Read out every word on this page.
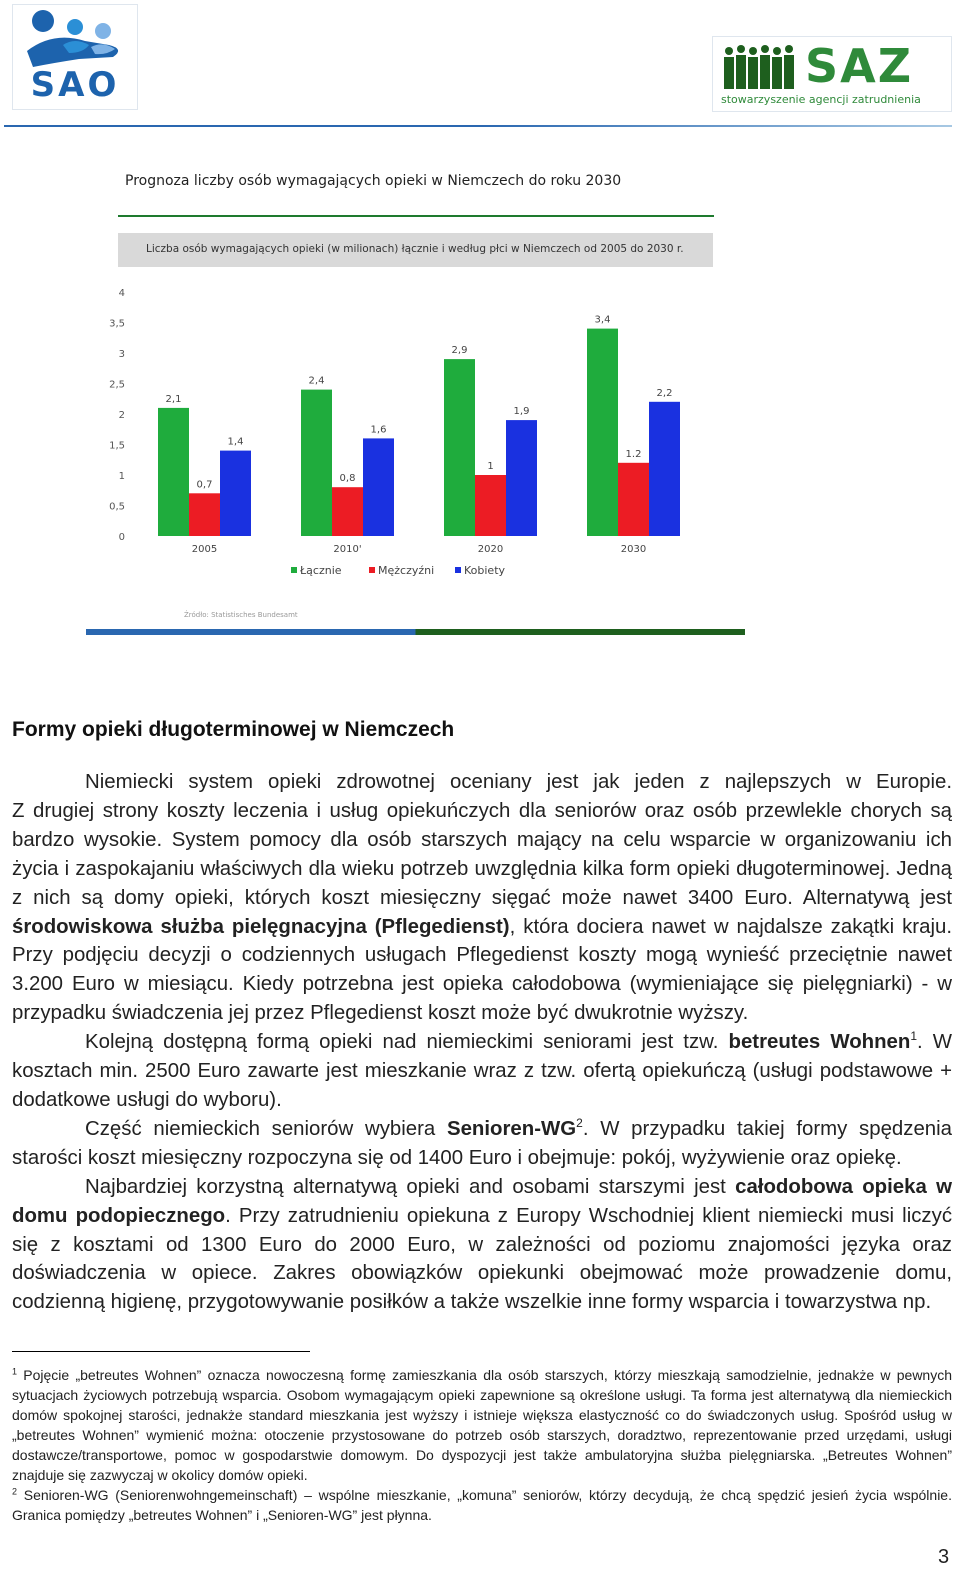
SAO	SAZ
stowarzyszenie agencji zatrudnienia
Prognoza liczby osób wymagających opieki w Niemczech do roku 2030
Liczba osób wymagających opieki (w milionach) łącznie i według płci w Niemczech od 2005 do 2030 r.
0
0,5
1
1,5
2
2,5
3
3,5
4
2,1
0,7
1,4
2,4
0,8
1,6
2,9
1
1,9
3,4
1.2
2,2
2005	2010'	2020	2030
Łącznie	Mężczyźni	Kobiety
Źródło: Statistisches Bundesamt
Formy opieki długoterminowej w Niemczech

Niemiecki system opieki zdrowotnej oceniany jest jak jeden z najlepszych w Europie.

Z drugiej strony koszty leczenia i usług opiekuńczych dla seniorów oraz osób przewlekle chorych są bardzo wysokie. System pomocy dla osób starszych mający na celu wsparcie w organizowaniu ich życia i zaspokajaniu właściwych dla wieku potrzeb uwzględnia kilka form opieki długoterminowej. Jedną z nich są domy opieki, których koszt miesięczny sięgać może nawet 3400 Euro. Alternatywą jest środowiskowa służba pielęgnacyjna (Pflegedienst), która dociera nawet w najdalsze zakątki kraju. Przy podjęciu decyzji o codziennych usługach Pflegedienst koszty mogą wynieść przeciętnie nawet 3.200 Euro w miesiącu. Kiedy potrzebna jest opieka całodobowa (wymieniające się pielęgniarki) - w przypadku świadczenia jej przez Pflegedienst koszt może być dwukrotnie wyższy.

Kolejną dostępną formą opieki nad niemieckimi seniorami jest tzw. betreutes Wohnen$^1$. W kosztach min. 2500 Euro zawarte jest mieszkanie wraz z tzw. ofertą opiekuńczą (usługi podstawowe + dodatkowe usługi do wyboru).

Część niemieckich seniorów wybiera Senioren-$WG^2$. W przypadku takiej formy spędzenia starości koszt miesięczny rozpoczyna się od 1400 Euro i obejmuje: pokój, wyżywienie oraz opiekę.

Najbardziej korzystną alternatywą opieki and osobami starszymi jest całodobowa opieka w domu podopiecznego. Przy zatrudnieniu opiekuna z Europy Wschodniej klient niemiecki musi liczyć się z kosztami od 1300 Euro do 2000 Euro, w zależności od poziomu znajomości języka oraz doświadczenia w opiece. Zakres obowiązków opiekunki obejmować może prowadzenie domu, codzienną higienę, przygotowywanie posiłków a także wszelkie inne formy wsparcia i towarzystwa np.

$^1$ Pojęcie „betreutes Wohnen” oznacza nowoczesną formę zamieszkania dla osób starszych, którzy mieszkają samodzielnie, jednakże w pewnych sytuacjach życiowych potrzebują wsparcia. Osobom wymagającym opieki zapewnione są określone usługi. Ta forma jest alternatywą dla niemieckich domów spokojnej starości, jednakże standard mieszkania jest wyższy i istnieje większa elastyczność co do świadczonych usług. Spośród usług w „betreutes Wohnen” wymienić można: otoczenie przystosowane do potrzeb osób starszych, doradztwo, reprezentowanie przed urzędami, usługi dostawcze/transportowe, pomoc w gospodarstwie domowym. Do dyspozycji jest także ambulatoryjna służba pielęgniarska. „Betreutes Wohnen” znajduje się zazwyczaj w okolicy domów opieki.

$^2$ Senioren-WG (Seniorenwohngemeinschaft) – wspólne mieszkanie, „komuna” seniorów, którzy decydują, że chcą spędzić jesień życia wspólnie. Granica pomiędzy „betreutes Wohnen” i „Senioren-WG” jest płynna.

3
